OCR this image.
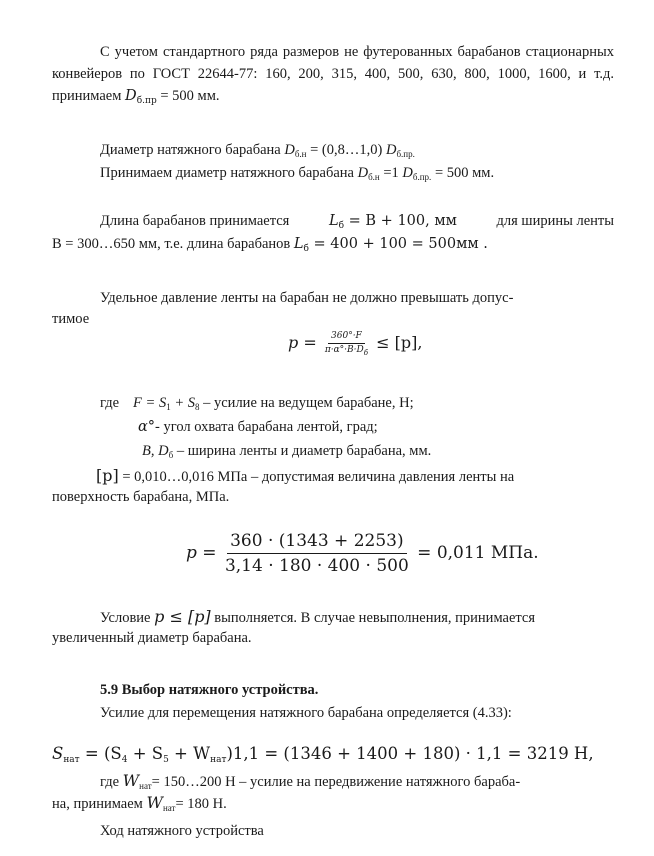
С учетом стандартного ряда размеров не футерованных барабанов стационарных конвейеров по ГОСТ 22644-77: 160, 200, 315, 400, 500, 630, 800, 1000, 1600, и т.д. принимаем $D_{б.пр} = 500$ мм.

Диаметр натяжного барабана $D_{б.н}$ = (0,8…1,0) $D_{б.пр.}$

Принимаем диаметр натяжного барабана $D_{б.н} =1$ $D_{б.пр.} = 500$ мм.

Длина барабанов принимается	$L_б = B + 100$, мм	для ширины ленты

В = 300…650 мм, т.е. длина барабанов $L_б = 400 + 100 = 500мм$ .

Удельное давление ленты на барабан не должно превышать допус-

тимое

$p = \frac{360^\circ\cdot F}{\pi\cdot\alpha^\circ\cdot B\cdot D_б} \le [p]$,

где $F = S_1 + S_8$ – усилие на ведущем барабане, Н;

α°- угол охвата барабана лентой, град;

B, $D_б$ – ширина ленты и диаметр барабана, мм.

[p] = 0,010…0,016 МПа – допустимая величина давления ленты на

поверхность барабана, МПа.

$p = \frac{360 \cdot (1343 + 2253)}{3,14 \cdot 180 \cdot 400 \cdot 500} = 0,011$ МПа.

Условие p ≤ [p] выполняется. В случае невыполнения, принимается

увеличенный диаметр барабана.

5.9 Выбор натяжного устройства.

Усилие для перемещения натяжного барабана определяется (4.33):

$S_{нат} = (S_4 + S_5 + W_{нат})1,1 = (1346 + 1400 + 180) \cdot 1,1 = 3219$ Н,

где $W_{нат}=$ 150…200 Н – усилие на передвижение натяжного бараба-

на, принимаем $W_{нат}= 180$ Н.

Ход натяжного устройства
